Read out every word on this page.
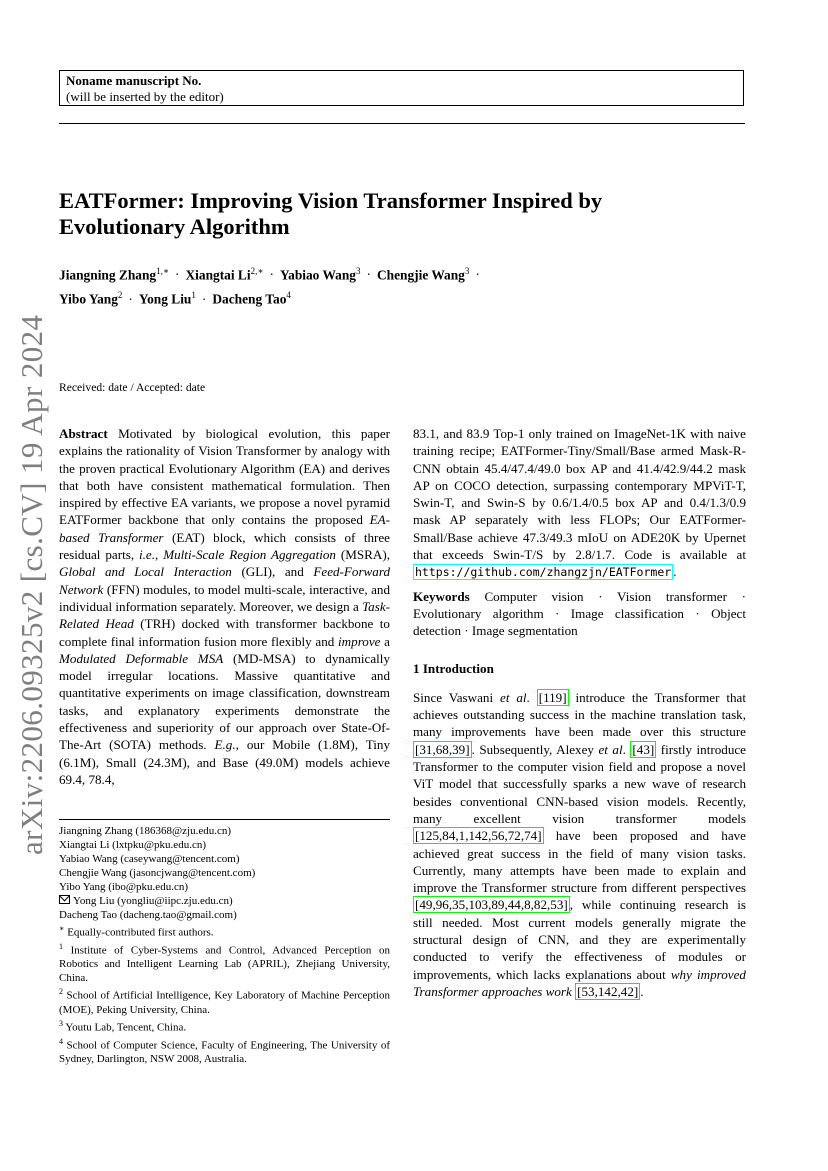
Noname manuscript No.
(will be inserted by the editor)
EATFormer: Improving Vision Transformer Inspired by
Evolutionary Algorithm
Jiangning Zhang$^{1,∗}$ · Xiangtai $Li^{2,∗}$ · Yabiao Wang$^3$ · Chengjie Wang$^3$ ·
Yibo Yang$^2$ · Yong Liu$^1$ · Dacheng Tao$^4$
arXiv:2206.09325v2 [cs.CV] 19 Apr 2024 Received: date / Accepted: date

Abstract Motivated by biological evolution, this paper explains the rationality of Vision Transformer by analogy with the proven practical Evolutionary Algorithm (EA) and derives that both have consistent mathematical formulation. Then inspired by effective EA variants, we propose a novel pyramid EATFormer backbone that only contains the proposed EA-based Transformer (EAT) block, which consists of three residual parts, i.e., Multi-Scale Region Aggregation (MSRA), Global and Local Interaction (GLI), and Feed-Forward Network (FFN) modules, to model multi-scale, interactive, and individual information separately. Moreover, we design a Task-Related Head (TRH) docked with transformer backbone to complete final information fusion more flexibly and improve a Modulated Deformable MSA (MD-MSA) to dynamically model irregular locations. Massive quantitative and quantitative experiments on image classification, downstream tasks, and explanatory experiments demonstrate the effectiveness and superiority of our approach over State-Of-The-Art (SOTA) methods. E.g., our Mobile (1.8M), Tiny (6.1M), Small (24.3M), and Base (49.0M) models achieve 69.4, 78.4,

Jiangning Zhang (186368@zju.edu.cn)
Xiangtai Li (lxtpku@pku.edu.cn)
Yabiao Wang (caseywang@tencent.com)
Chengjie Wang (jasoncjwang@tencent.com)
Yibo Yang (ibo@pku.edu.cn)
Yong Liu (yongliu@iipc.zju.edu.cn)
Dacheng Tao (dacheng.tao@gmail.com)
∗ Equally-contributed first authors.
$^1$ Institute of Cyber-Systems and Control, Advanced Perception on Robotics and Intelligent Learning Lab (APRIL), Zhejiang University, China.
$^2$ School of Artificial Intelligence, Key Laboratory of Machine Perception (MOE), Peking University, China.
$^3$ Youtu Lab, Tencent, China.
$^4$ School of Computer Science, Faculty of Engineering, The University of Sydney, Darlington, NSW 2008, Australia.

83.1, and 83.9 Top-1 only trained on ImageNet-1K with naive training recipe; EATFormer-Tiny/Small/Base armed Mask-R-CNN obtain 45.4/47.4/49.0 box AP and 41.4/42.9/44.2 mask AP on COCO detection, surpassing contemporary MPViT-T, Swin-T, and Swin-S by 0.6/1.4/0.5 box AP and 0.4/1.3/0.9 mask AP separately with less FLOPs; Our EATFormer-Small/Base achieve 47.3/49.3 mIoU on ADE20K by Upernet that exceeds Swin-T/S by 2.8/1.7. Code is available at https://github.com/zhangzjn/EATFormer .

Keywords Computer vision · Vision transformer · Evolutionary algorithm · Image classification · Object detection · Image segmentation

1 Introduction

Since Vaswani et al. [119] introduce the Transformer that achieves outstanding success in the machine translation task, many improvements have been made over this structure [31,68,39] . Subsequently, Alexey et al. [43] firstly introduce Transformer to the computer vision field and propose a novel ViT model that successfully sparks a new wave of research besides conventional CNN-based vision models. Recently, many excellent vision transformer models [125,84,1,142,56,72,74] have been proposed and have achieved great success in the field of many vision tasks. Currently, many attempts have been made to explain and improve the Transformer structure from different perspectives [49,96,35,103,89,44,8,82,53] , while continuing research is still needed. Most current models generally migrate the structural design of CNN, and they are experimentally conducted to verify the effectiveness of modules or improvements, which lacks explanations about why improved Transformer approaches work [53,142,42] .
